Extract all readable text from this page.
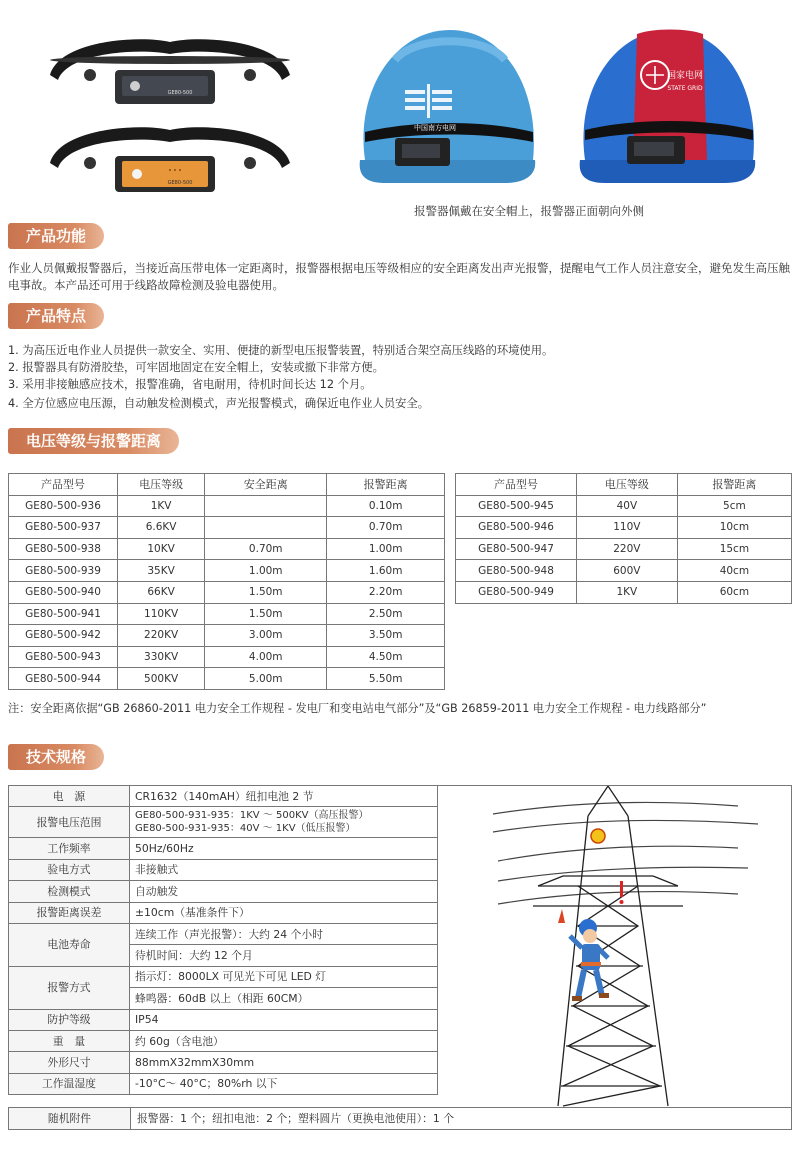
GE80-500
GE80-500
中国南方电网
国家电网
STATE GRID
报警器佩戴在安全帽上，报警器正面朝向外侧
产品功能
作业人员佩戴报警器后，当接近高压带电体一定距离时，报警器根据电压等级相应的安全距离发出声光报警，提醒电气工作人员注意安全，避免发生高压触电事故。本产品还可用于线路故障检测及验电器使用。
产品特点
1. 为高压近电作业人员提供一款安全、实用、便捷的新型电压报警装置，特别适合架空高压线路的环境使用。
2. 报警器具有防滑胶垫，可牢固地固定在安全帽上，安装或撤下非常方便。
3. 采用非接触感应技术，报警准确，省电耐用，待机时间长达 12 个月。
4. 全方位感应电压源，自动触发检测模式，声光报警模式，确保近电作业人员安全。
电压等级与报警距离
产品型号	电压等级	安全距离	报警距离
GE80-500-936	1KV		0.10m
GE80-500-937	6.6KV		0.70m
GE80-500-938	10KV	0.70m	1.00m
GE80-500-939	35KV	1.00m	1.60m
GE80-500-940	66KV	1.50m	2.20m
GE80-500-941	110KV	1.50m	2.50m
GE80-500-942	220KV	3.00m	3.50m
GE80-500-943	330KV	4.00m	4.50m
GE80-500-944	500KV	5.00m	5.50m
产品型号	电压等级	报警距离
GE80-500-945	40V	5cm
GE80-500-946	110V	10cm
GE80-500-947	220V	15cm
GE80-500-948	600V	40cm
GE80-500-949	1KV	60cm
注：安全距离依据“GB 26860-2011 电力安全工作规程 - 发电厂和变电站电气部分”及“GB 26859-2011 电力安全工作规程 - 电力线路部分”
技术规格
电　源	CR1632（140mAH）纽扣电池 2 节
报警电压范围	GE80-500-931-935：1KV ～ 500KV（高压报警）
GE80-500-931-935：40V ～ 1KV（低压报警）

工作频率	50Hz/60Hz
验电方式	非接触式
检测模式	自动触发
报警距离误差	±10cm（基准条件下）
电池寿命	连续工作（声光报警）：大约 24 个小时
	待机时间：大约 12 个月
报警方式	指示灯：8000LX 可见光下可见 LED 灯
	蜂鸣器：60dB 以上（相距 60CM）
防护等级	IP54
重　量	约 60g（含电池）
外形尺寸	88mmX32mmX30mm
工作温湿度	-10°C～ 40°C；80%rh 以下
随机附件	报警器：1 个；纽扣电池：2 个；塑料圆片（更换电池使用）：1 个
